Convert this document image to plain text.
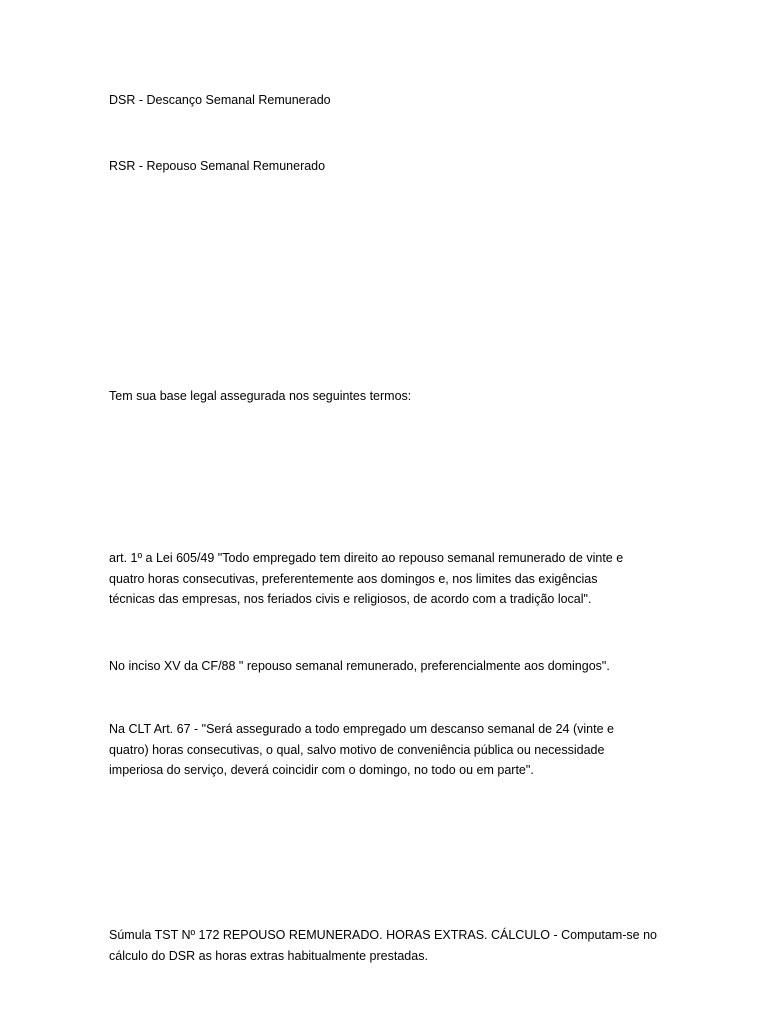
DSR - Descanço Semanal Remunerado

RSR - Repouso Semanal Remunerado

Tem sua base legal assegurada nos seguintes termos:

art. 1º a Lei 605/49 "Todo empregado tem direito ao repouso semanal remunerado de vinte e
quatro horas consecutivas, preferentemente aos domingos e, nos limites das exigências
técnicas das empresas, nos feriados civis e religiosos, de acordo com a tradição local".

No inciso XV da CF/88 " repouso semanal remunerado, preferencialmente aos domingos".

Na CLT Art. 67 - "Será assegurado a todo empregado um descanso semanal de 24 (vinte e
quatro) horas consecutivas, o qual, salvo motivo de conveniência pública ou necessidade
imperiosa do serviço, deverá coincidir com o domingo, no todo ou em parte".

Súmula TST Nº 172 REPOUSO REMUNERADO. HORAS EXTRAS. CÁLCULO - Computam-se no
cálculo do DSR as horas extras habitualmente prestadas.
